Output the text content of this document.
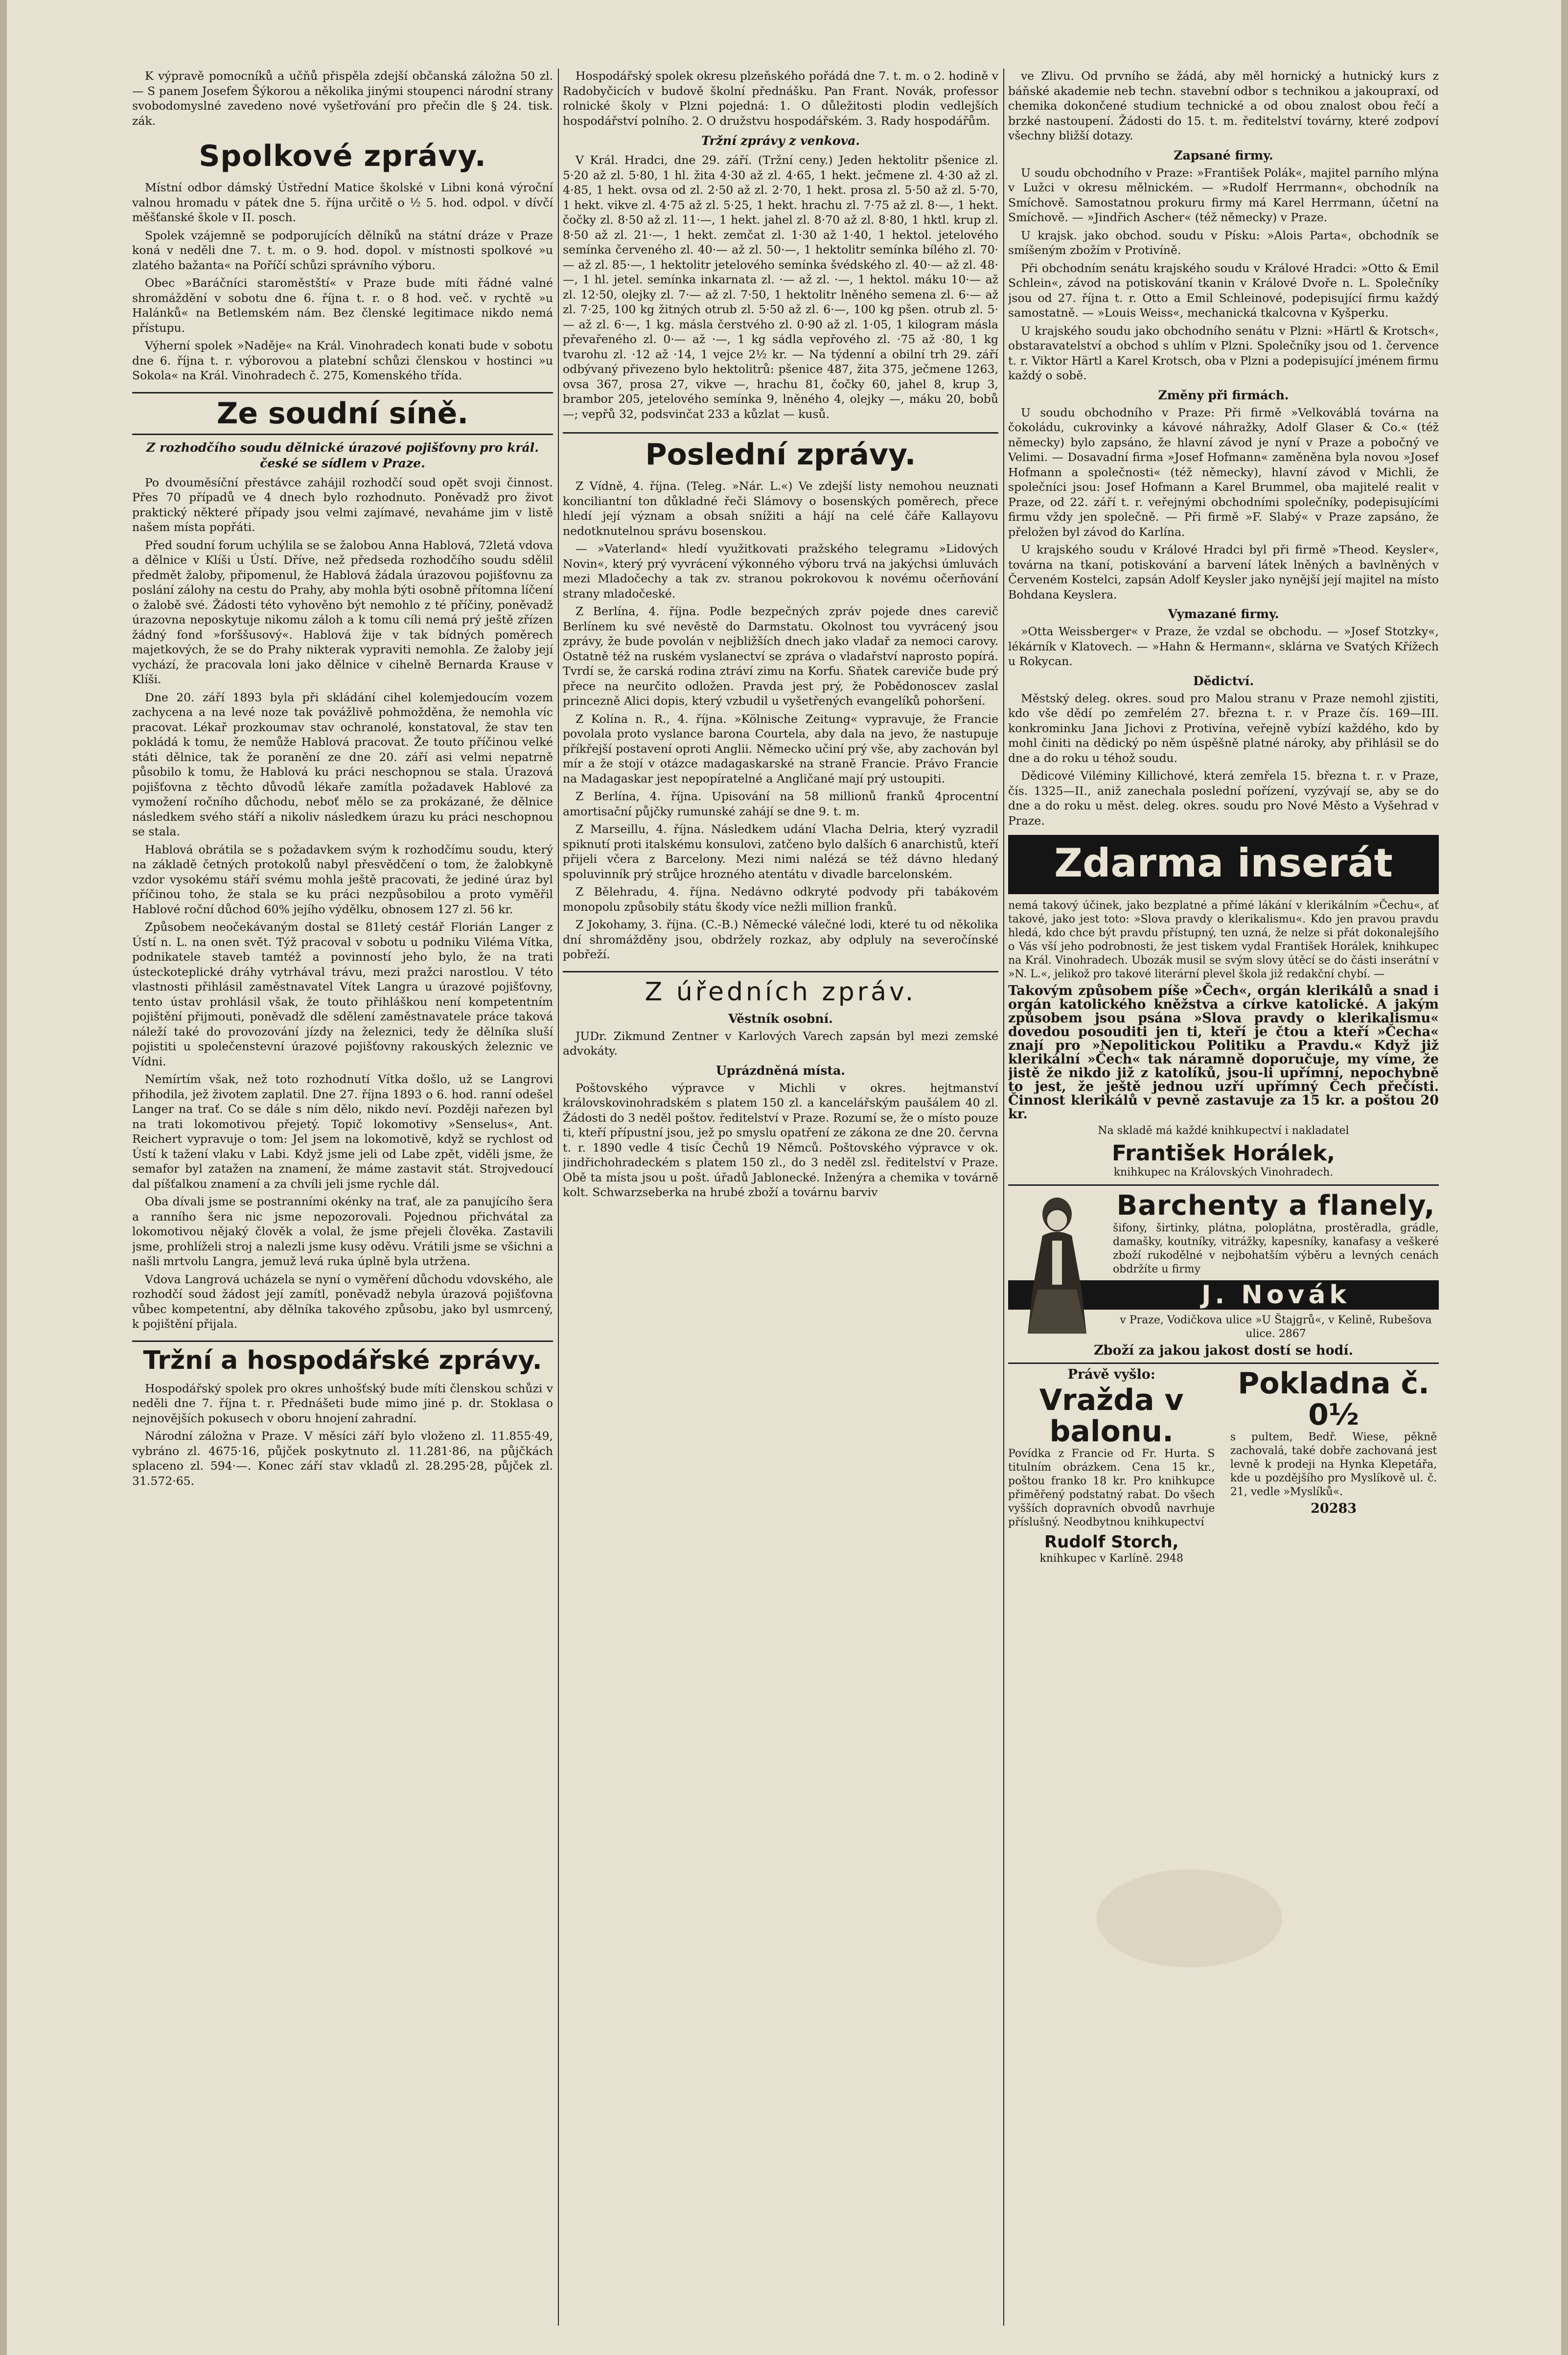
K výpravě pomocníků a učňů přispěla zdejší občanská záložna 50 zl. — S panem Josefem Šýkorou a několika jinými stoupenci národní strany svobodomyslné zavedeno nové vyšetřování pro přečin dle § 24. tisk. zák.

Spolkové zprávy.

Místní odbor dámský Ústřední Matice školské v Libni koná výroční valnou hromadu v pátek dne 5. října určitě o ½ 5. hod. odpol. v dívčí měšťanské škole v II. posch.

Spolek vzájemně se podporujících dělníků na státní dráze v Praze koná v neděli dne 7. t. m. o 9. hod. dopol. v místnosti spolkové »u zlatého bažanta« na Poříčí schůzi správního výboru.

Obec »Baráčníci staroměstští« v Praze bude míti řádné valné shromáždění v sobotu dne 6. října t. r. o 8 hod. več. v rychtě »u Halánků« na Betlemském nám. Bez členské legitimace nikdo nemá přístupu.

Výherní spolek »Naděje« na Král. Vinohradech konati bude v sobotu dne 6. října t. r. výborovou a platební schůzi členskou v hostinci »u Sokola« na Král. Vinohradech č. 275, Komenského třída.

Ze soudní síně.
Z rozhodčího soudu dělnické úrazové pojišťovny pro král. české se sídlem v Praze.

Po dvouměsíční přestávce zahájil rozhodčí soud opět svoji činnost. Přes 70 případů ve 4 dnech bylo rozhodnuto. Poněvadž pro život praktický některé případy jsou velmi zajímavé, nevaháme jim v listě našem místa popřáti.

Před soudní forum uchýlila se se žalobou Anna Hablová, 72letá vdova a dělnice v Klíši u Ústí. Dříve, než předseda rozhodčího soudu sdělil předmět žaloby, připomenul, že Hablová žádala úrazovou pojišťovnu za poslání zálohy na cestu do Prahy, aby mohla býti osobně přítomna líčení o žalobě své. Žádosti této vyhověno být nemohlo z té příčiny, poněvadž úrazovna neposkytuje nikomu záloh a k tomu cíli nemá prý ještě zřízen žádný fond »forššusový«. Hablová žije v tak bídných poměrech majetkových, že se do Prahy nikterak vypraviti nemohla. Ze žaloby její vychází, že pracovala loni jako dělnice v cihelně Bernarda Krause v Klíši.

Dne 20. září 1893 byla při skládání cihel kolemjedoucím vozem zachycena a na levé noze tak povážlivě pohmožděna, že nemohla víc pracovat. Lékař prozkoumav stav ochranolé, konstatoval, že stav ten pokládá k tomu, že nemůže Hablová pracovat. Že touto příčinou velké státi dělnice, tak že poranění ze dne 20. září asi velmi nepatrně působilo k tomu, že Hablová ku práci neschopnou se stala. Úrazová pojišťovna z těchto důvodů lékaře zamítla požadavek Hablové za vymožení ročního důchodu, neboť mělo se za prokázané, že dělnice následkem svého stáří a nikoliv následkem úrazu ku práci neschopnou se stala.

Hablová obrátila se s požadavkem svým k rozhodčímu soudu, který na základě četných protokolů nabyl přesvědčení o tom, že žalobkyně vzdor vysokému stáří svému mohla ještě pracovati, že jediné úraz byl příčinou toho, že stala se ku práci nezpůsobilou a proto vyměřil Hablové roční důchod 60% jejího výdělku, obnosem 127 zl. 56 kr.

Způsobem neočekávaným dostal se 81letý cestář Florián Langer z Ústí n. L. na onen svět. Týž pracoval v sobotu u podniku Viléma Vítka, podnikatele staveb tamtéž a povinností jeho bylo, že na trati ústeckoteplické dráhy vytrhával trávu, mezi pražci narostlou. V této vlastnosti přihlásil zaměstnavatel Vítek Langra u úrazové pojišťovny, tento ústav prohlásil však, že touto přihláškou není kompetentním pojištění přijmouti, poněvadž dle sdělení zaměstnavatele práce taková náleží také do provozování jízdy na železnici, tedy že dělníka sluší pojistiti u společenstevní úrazové pojišťovny rakouských železnic ve Vídni.

Nemírtím však, než toto rozhodnutí Vítka došlo, už se Langrovi přihodila, jež životem zaplatil. Dne 27. října 1893 o 6. hod. ranní odešel Langer na trať. Co se dále s ním dělo, nikdo neví. Později nařezen byl na trati lokomotivou přejetý. Topič lokomotivy »Senselus«, Ant. Reichert vypravuje o tom: Jel jsem na lokomotivě, když se rychlost od Ústí k tažení vlaku v Labi. Když jsme jeli od Labe zpět, viděli jsme, že semafor byl zatažen na znamení, že máme zastavit stát. Strojvedoucí dal píšťalkou znamení a za chvíli jeli jsme rychle dál.

Oba dívali jsme se postranními okénky na trať, ale za panujícího šera a ranního šera nic jsme nepozorovali. Pojednou přichvátal za lokomotivou nějaký člověk a volal, že jsme přejeli člověka. Zastavili jsme, prohlíželi stroj a nalezli jsme kusy oděvu. Vrátili jsme se všichni a našli mrtvolu Langra, jemuž levá ruka úplně byla utržena.

Vdova Langrová ucházela se nyní o vyměření důchodu vdovského, ale rozhodčí soud žádost její zamítl, poněvadž nebyla úrazová pojišťovna vůbec kompetentní, aby dělníka takového způsobu, jako byl usmrcený, k pojištění přijala.

Tržní a hospodářské zprávy.

Hospodářský spolek pro okres unhošťský bude míti členskou schůzi v neděli dne 7. října t. r. Přednášeti bude mimo jiné p. dr. Stoklasa o nejnovějších pokusech v oboru hnojení zahradní.

Národní záložna v Praze. V měsíci září bylo vloženo zl. 11.855·49, vybráno zl. 4675·16, půjček poskytnuto zl. 11.281·86, na půjčkách splaceno zl. 594·—. Konec září stav vkladů zl. 28.295·28, půjček zl. 31.572·65.

Hospodářský spolek okresu plzeňského pořádá dne 7. t. m. o 2. hodině v Radobyčicích v budově školní přednášku. Pan Frant. Novák, professor rolnické školy v Plzni pojedná: 1. O důležitosti plodin vedlejších hospodářství polního. 2. O družstvu hospodářském. 3. Rady hospodářům.

Tržní zprávy z venkova.

V Král. Hradci, dne 29. září. (Tržní ceny.) Jeden hektolitr pšenice zl. 5·20 až zl. 5·80, 1 hl. žita 4·30 až zl. 4·65, 1 hekt. ječmene zl. 4·30 až zl. 4·85, 1 hekt. ovsa od zl. 2·50 až zl. 2·70, 1 hekt. prosa zl. 5·50 až zl. 5·70, 1 hekt. vikve zl. 4·75 až zl. 5·25, 1 hekt. hrachu zl. 7·75 až zl. 8·—, 1 hekt. čočky zl. 8·50 až zl. 11·—, 1 hekt. jahel zl. 8·70 až zl. 8·80, 1 hktl. krup zl. 8·50 až zl. 21·—, 1 hekt. zemčat zl. 1·30 až 1·40, 1 hektol. jetelového semínka červeného zl. 40·— až zl. 50·—, 1 hektolitr semínka bílého zl. 70·— až zl. 85·—, 1 hektolitr jetelového semínka švédského zl. 40·— až zl. 48·—, 1 hl. jetel. semínka inkarnata zl. ·— až zl. ·—, 1 hektol. máku 10·— až zl. 12·50, olejky zl. 7·— až zl. 7·50, 1 hektolitr lněného semena zl. 6·— až zl. 7·25, 100 kg žitných otrub zl. 5·50 až zl. 6·—, 100 kg pšen. otrub zl. 5·— až zl. 6·—, 1 kg. másla čerstvého zl. 0·90 až zl. 1·05, 1 kilogram másla převařeného zl. 0·— až ·—, 1 kg sádla vepřového zl. ·75 až ·80, 1 kg tvarohu zl. ·12 až ·14, 1 vejce 2½ kr. — Na týdenní a obilní trh 29. září odbývaný přivezeno bylo hektolitrů: pšenice 487, žita 375, ječmene 1263, ovsa 367, prosa 27, vikve —, hrachu 81, čočky 60, jahel 8, krup 3, brambor 205, jetelového semínka 9, lněného 4, olejky —, máku 20, bobů —; vepřů 32, podsvinčat 233 a kůzlat — kusů.

Poslední zprávy.

Z Vídně, 4. října. (Teleg. »Nár. L.«) Ve zdejší listy nemohou neuznati konciliantní ton důkladné řeči Slámovy o bosenských poměrech, přece hledí její význam a obsah snížiti a hájí na celé čáře Kallayovu nedotknutelnou správu bosenskou.

— »Vaterland« hledí využitkovati pražského telegramu »Lidových Novin«, který prý vyvrácení výkonného výboru trvá na jakýchsi úmluvách mezi Mladočechy a tak zv. stranou pokrokovou k novému očerňování strany mladočeské.

Z Berlína, 4. října. Podle bezpečných zpráv pojede dnes carevič Berlínem ku své nevěstě do Darmstatu. Okolnost tou vyvrácený jsou zprávy, že bude povolán v nejbližších dnech jako vladař za nemoci carovy. Ostatně též na ruském vyslanectví se zpráva o vladařství naprosto popírá. Tvrdí se, že carská rodina ztráví zimu na Korfu. Sňatek careviče bude prý přece na neurčito odložen. Pravda jest prý, že Pobědonoscev zaslal princezně Alici dopis, který vzbudil u vyšetřených evangelíků pohoršení.

Z Kolína n. R., 4. října. »Kölnische Zeitung« vypravuje, že Francie povolala proto vyslance barona Courtela, aby dala na jevo, že nastupuje příkřejší postavení oproti Anglii. Německo učiní prý vše, aby zachován byl mír a že stojí v otázce madagaskarské na straně Francie. Právo Francie na Madagaskar jest nepopíratelné a Angličané mají prý ustoupiti.

Z Berlína, 4. října. Upisování na 58 millionů franků 4procentní amortisační půjčky rumunské zahájí se dne 9. t. m.

Z Marseillu, 4. října. Následkem udání Vlacha Delria, který vyzradil spiknutí proti italskému konsulovi, zatčeno bylo dalších 6 anarchistů, kteří přijeli včera z Barcelony. Mezi nimi nalézá se též dávno hledaný spoluvinník prý strůjce hrozného atentátu v divadle barcelonském.

Z Bělehradu, 4. října. Nedávno odkryté podvody při tabákovém monopolu způsobily státu škody více nežli million franků.

Z Jokohamy, 3. října. (C.-B.) Německé válečné lodi, které tu od několika dní shromážděny jsou, obdržely rozkaz, aby odpluly na severočínské pobřeží.

Z úředních zpráv.
Věstník osobní.

JUDr. Zikmund Zentner v Karlových Varech zapsán byl mezi zemské advokáty.

Uprázdněná místa.

Poštovského výpravce v Michli v okres. hejtmanství královskovinohradském s platem 150 zl. a kancelářským paušálem 40 zl. Žádosti do 3 neděl poštov. ředitelství v Praze. Rozumí se, že o místo pouze ti, kteří přípustní jsou, jež po smyslu opatření ze zákona ze dne 20. června t. r. 1890 vedle 4 tisíc Čechů 19 Němců. Poštovského výpravce v ok. jindřichohradeckém s platem 150 zl., do 3 neděl zsl. ředitelství v Praze. Obě ta místa jsou u pošt. úřadů Jablonecké. Inženýra a chemika v továrně kolt. Schwarzseberka na hrubé zboží a továrnu barviv

ve Zlivu. Od prvního se žádá, aby měl hornický a hutnický kurs z báňské akademie neb techn. stavební odbor s technikou a jakoupraxí, od chemika dokončené studium technické a od obou znalost obou řečí a brzké nastoupení. Žádosti do 15. t. m. ředitelství továrny, které zodpoví všechny bližší dotazy.

Zapsané firmy.

U soudu obchodního v Praze: »František Polák«, majitel parního mlýna v Lužci v okresu mělnickém. — »Rudolf Herrmann«, obchodník na Smíchově. Samostatnou prokuru firmy má Karel Herrmann, účetní na Smíchově. — »Jindřich Ascher« (též německy) v Praze.

U krajsk. jako obchod. soudu v Písku: »Alois Parta«, obchodník se smíšeným zbožím v Protivíně.

Při obchodním senátu krajského soudu v Králové Hradci: »Otto & Emil Schlein«, závod na potiskování tkanin v Králové Dvoře n. L. Společníky jsou od 27. října t. r. Otto a Emil Schleinové, podepisující firmu každý samostatně. — »Louis Weiss«, mechanická tkalcovna v Kyšperku.

U krajského soudu jako obchodního senátu v Plzni: »Härtl & Krotsch«, obstaravatelství a obchod s uhlím v Plzni. Společníky jsou od 1. července t. r. Viktor Härtl a Karel Krotsch, oba v Plzni a podepisující jménem firmu každý o sobě.

Změny při firmách.

U soudu obchodního v Praze: Při firmě »Velkováblá továrna na čokoládu, cukrovinky a kávové náhražky, Adolf Glaser & Co.« (též německy) bylo zapsáno, že hlavní závod je nyní v Praze a pobočný ve Velimi. — Dosavadní firma »Josef Hofmann« zaměněna byla novou »Josef Hofmann a společnosti« (též německy), hlavní závod v Michli, že společníci jsou: Josef Hofmann a Karel Brummel, oba majitelé realit v Praze, od 22. září t. r. veřejnými obchodními společníky, podepisujícími firmu vždy jen společně. — Při firmě »F. Slabý« v Praze zapsáno, že přeložen byl závod do Karlína.

U krajského soudu v Králové Hradci byl při firmě »Theod. Keysler«, továrna na tkaní, potiskování a barvení látek lněných a bavlněných v Červeném Kostelci, zapsán Adolf Keysler jako nynější její majitel na místo Bohdana Keyslera.

Vymazané firmy.

»Otta Weissberger« v Praze, že vzdal se obchodu. — »Josef Stotzky«, lékárník v Klatovech. — »Hahn & Hermann«, sklárna ve Svatých Křížech u Rokycan.

Dědictví.

Městský deleg. okres. soud pro Malou stranu v Praze nemohl zjistiti, kdo vše dědí po zemřelém 27. března t. r. v Praze čís. 169—III. konkrominku Jana Jichovi z Protivína, veřejně vybízí každého, kdo by mohl činiti na dědický po něm úspěšně platné nároky, aby přihlásil se do dne a do roku u téhož soudu.

Dědicové Viléminy Killichové, která zemřela 15. března t. r. v Praze, čís. 1325—II., aniž zanechala poslední pořízení, vyzývají se, aby se do dne a do roku u měst. deleg. okres. soudu pro Nové Město a Vyšehrad v Praze.

Zdarma inserát

nemá takový účinek, jako bezplatné a přímé lákání v klerikálním »Čechu«, ať takové, jako jest toto: »Slova pravdy o klerikalismu«. Kdo jen pravou pravdu hledá, kdo chce být pravdu přístupný, ten uzná, že nelze si přát dokonalejšího o Vás vší jeho podrobnosti, že jest tiskem vydal František Horálek, knihkupec na Král. Vinohradech. Ubozák musil se svým slovy útěcí se do části inserátní v »N. L.«, jelikož pro takové literární plevel škola již redakční chybí. —

Takovým způsobem píše »Čech«, orgán klerikálů a snad i orgán katolického kněžstva a církve katolické. A jakým způsobem jsou psána »Slova pravdy o klerikalismu« dovedou posouditi jen ti, kteří je čtou a kteří »Čecha« znají pro »Nepolitickou Politiku a Pravdu.« Když již klerikální »Čech« tak náramně doporučuje, my víme, že jistě že nikdo již z katolíků, jsou-li upřímní, nepochybně to jest, že ještě jednou uzří upřímný Čech přečísti. Činnost klerikálů v pevně zastavuje za 15 kr. a poštou 20 kr.

Na skladě má každé knihkupectví i nakladatel

František Horálek,

knihkupec na Královských Vinohradech.

Barchenty a flanely,

šifony, širtinky, plátna, poloplátna, prostěradla, grádle, damašky, koutníky, vitrážky, kapesníky, kanafasy a veškeré zboží rukodělné v nejbohatším výběru a levných cenách obdržíte u firmy

J. Novák

v Praze, Vodičkova ulice »U Štajgrů«, v Kelině, Rubešova ulice. 2867

Zboží za jakou jakost dostí se hodí.

Právě vyšlo:

Vražda v balonu.

Povídka z Francie od Fr. Hurta. S titulním obrázkem. Cena 15 kr., poštou franko 18 kr. Pro knihkupce přiměřený podstatný rabat. Do všech vyšších dopravních obvodů navrhuje příslušný. Neodbytnou knihkupectví

Rudolf Storch,

knihkupec v Karlíně. 2948

Pokladna č. 0½

s pultem, Bedř. Wiese, pěkně zachovalá, také dobře zachovaná jest levně k prodeji na Hynka Klepetářa, kde u pozdějšího pro Myslíkově ul. č. 21, vedle »Myslíků«.

20283
